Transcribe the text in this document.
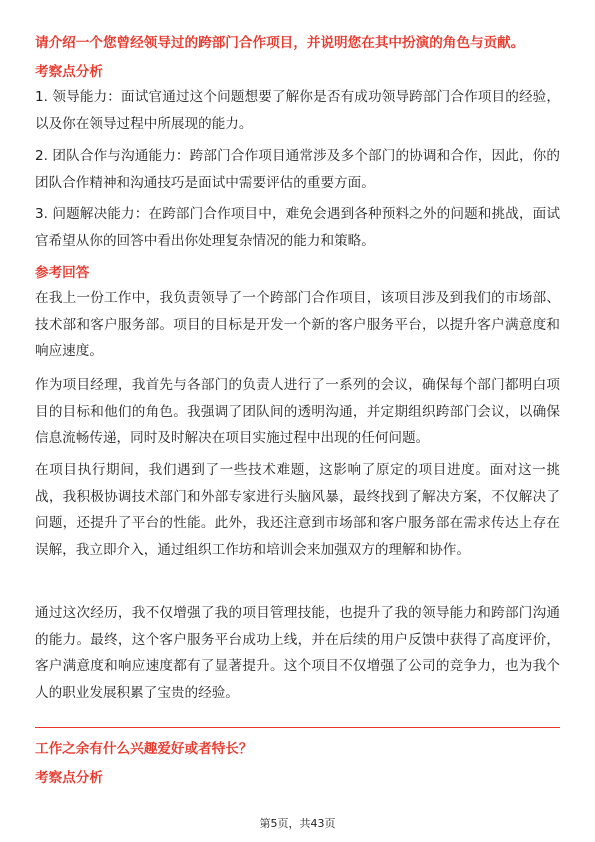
请介绍一个您曾经领导过的跨部门合作项目，并说明您在其中扮演的角色与贡献。
考察点分析
1. 领导能力：面试官通过这个问题想要了解你是否有成功领导跨部门合作项目的经验，以及你在领导过程中所展现的能力。
2. 团队合作与沟通能力：跨部门合作项目通常涉及多个部门的协调和合作，因此，你的团队合作精神和沟通技巧是面试中需要评估的重要方面。
3. 问题解决能力：在跨部门合作项目中，难免会遇到各种预料之外的问题和挑战，面试官希望从你的回答中看出你处理复杂情况的能力和策略。
参考回答
在我上一份工作中，我负责领导了一个跨部门合作项目，该项目涉及到我们的市场部、技术部和客户服务部。项目的目标是开发一个新的客户服务平台，以提升客户满意度和响应速度。
作为项目经理，我首先与各部门的负责人进行了一系列的会议，确保每个部门都明白项目的目标和他们的角色。我强调了团队间的透明沟通，并定期组织跨部门会议，以确保信息流畅传递，同时及时解决在项目实施过程中出现的任何问题。
在项目执行期间，我们遇到了一些技术难题，这影响了原定的项目进度。面对这一挑战，我积极协调技术部门和外部专家进行头脑风暴，最终找到了解决方案，不仅解决了问题，还提升了平台的性能。此外，我还注意到市场部和客户服务部在需求传达上存在误解，我立即介入，通过组织工作坊和培训会来加强双方的理解和协作。
通过这次经历，我不仅增强了我的项目管理技能，也提升了我的领导能力和跨部门沟通的能力。最终，这个客户服务平台成功上线，并在后续的用户反馈中获得了高度评价，客户满意度和响应速度都有了显著提升。这个项目不仅增强了公司的竞争力，也为我个人的职业发展积累了宝贵的经验。
工作之余有什么兴趣爱好或者特长？
考察点分析
第5页，共43页
